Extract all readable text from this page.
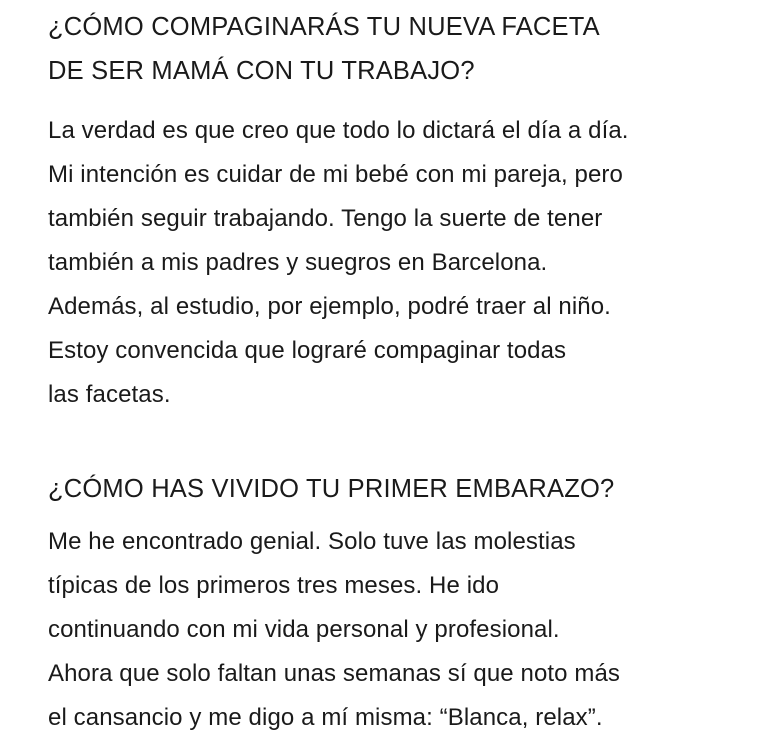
¿CÓMO COMPAGINARÁS TU NUEVA FACETA
DE SER MAMÁ CON TU TRABAJO?

La verdad es que creo que todo lo dictará el día a día.
Mi intención es cuidar de mi bebé con mi pareja, pero
también seguir trabajando. Tengo la suerte de tener
también a mis padres y suegros en Barcelona.
Además, al estudio, por ejemplo, podré traer al niño.
Estoy convencida que lograré compaginar todas
las facetas.

¿CÓMO HAS VIVIDO TU PRIMER EMBARAZO?

Me he encontrado genial. Solo tuve las molestias
típicas de los primeros tres meses. He ido
continuando con mi vida personal y profesional.
Ahora que solo faltan unas semanas sí que noto más
el cansancio y me digo a mí misma: “Blanca, relax”.
